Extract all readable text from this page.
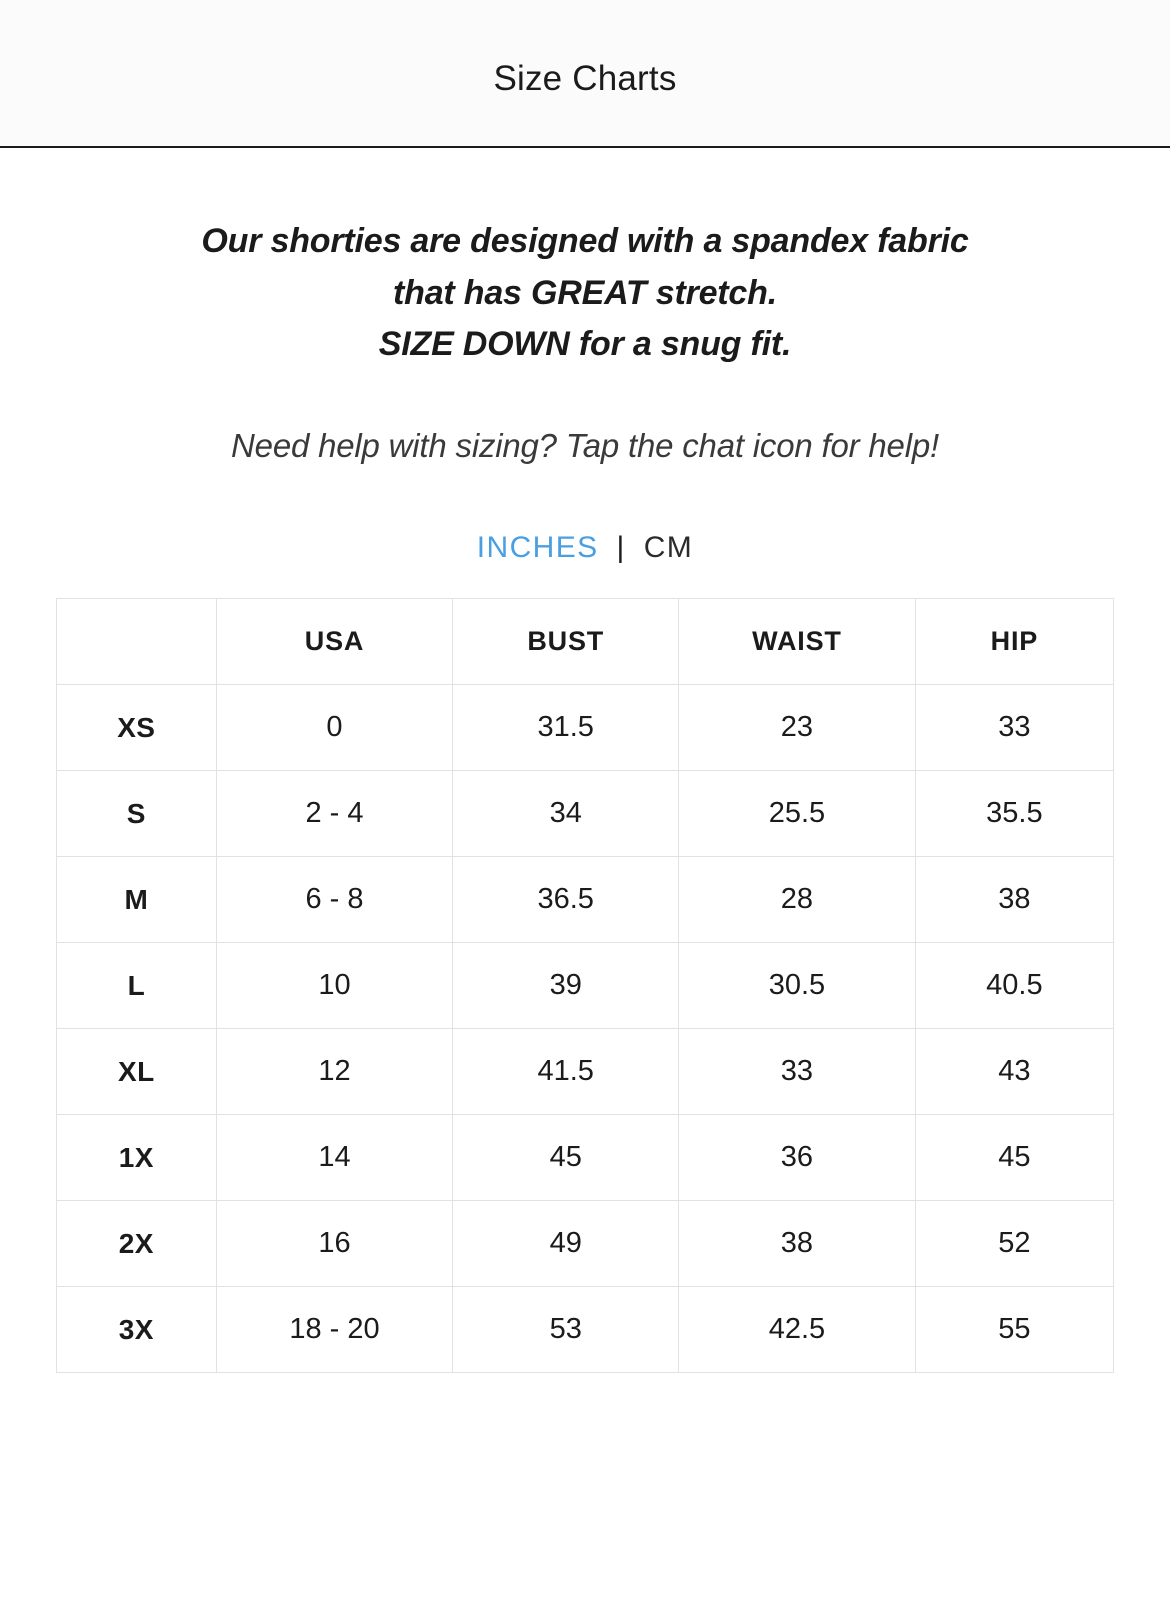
Size Charts
Our shorties are designed with a spandex fabric
that has GREAT stretch.
SIZE DOWN for a snug fit.
Need help with sizing? Tap the chat icon for help!
INCHES | CM
	USA	BUST	WAIST	HIP
XS	0	31.5	23	33
S	2 - 4	34	25.5	35.5
M	6 - 8	36.5	28	38
L	10	39	30.5	40.5
XL	12	41.5	33	43
1X	14	45	36	45
2X	16	49	38	52
3X	18 - 20	53	42.5	55
